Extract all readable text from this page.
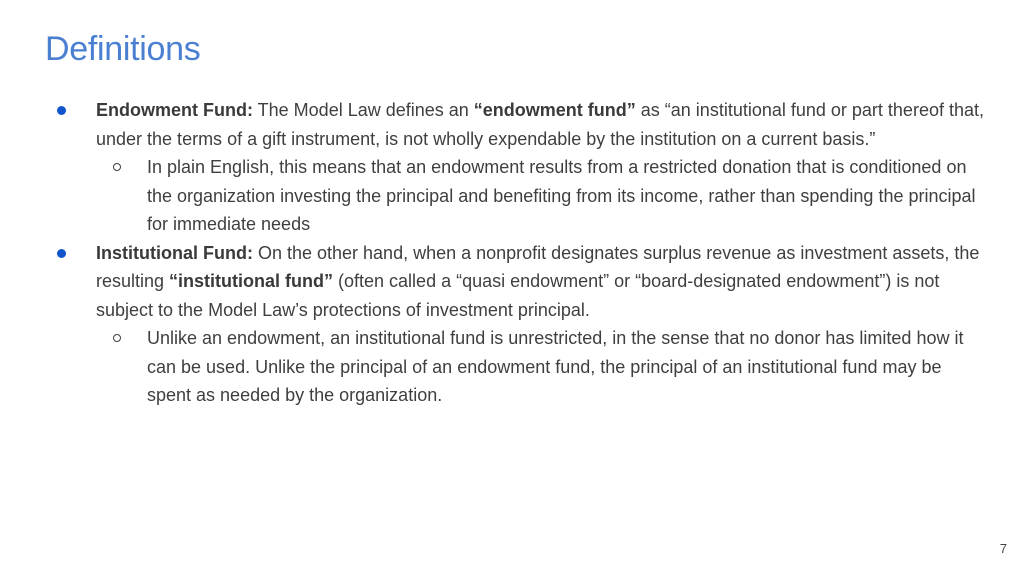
Definitions
Endowment Fund: The Model Law defines an “endowment fund” as “an institutional fund or part thereof that, under the terms of a gift instrument, is not wholly expendable by the institution on a current basis.”
In plain English, this means that an endowment results from a restricted donation that is conditioned on the organization investing the principal and benefiting from its income, rather than spending the principal for immediate needs
Institutional Fund: On the other hand, when a nonprofit designates surplus revenue as investment assets, the resulting “institutional fund” (often called a “quasi endowment” or “board-designated endowment”) is not subject to the Model Law’s protections of investment principal.
Unlike an endowment, an institutional fund is unrestricted, in the sense that no donor has limited how it can be used. Unlike the principal of an endowment fund, the principal of an institutional fund may be spent as needed by the organization.
7
